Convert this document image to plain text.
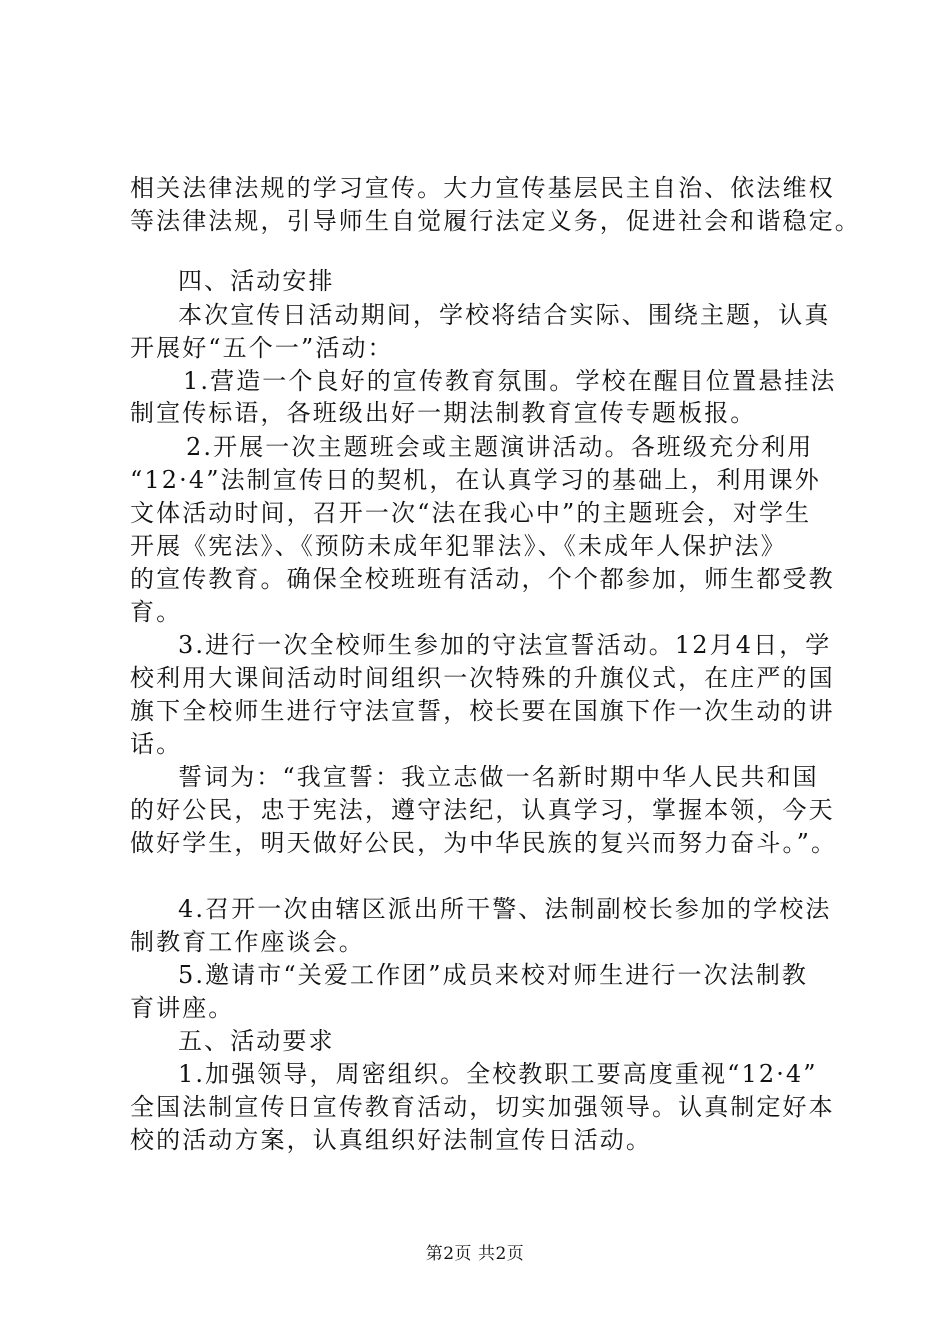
相关法律法规的学习宣传。大力宣传基层民主自治、依法维权
等法律法规，引导师生自觉履行法定义务，促进社会和谐稳定。
四、活动安排
本次宣传日活动期间，学校将结合实际、围绕主题，认真
开展好“五个一”活动：
1.营造一个良好的宣传教育氛围。学校在醒目位置悬挂法
制宣传标语，各班级出好一期法制教育宣传专题板报。
2.开展一次主题班会或主题演讲活动。各班级充分利用
“12·4”法制宣传日的契机，在认真学习的基础上，利用课外
文体活动时间，召开一次“法在我心中”的主题班会，对学生
开展《宪法》、《预防未成年犯罪法》、《未成年人保护法》
的宣传教育。确保全校班班有活动，个个都参加，师生都受教
育。
3.进行一次全校师生参加的守法宣誓活动。12月4日，学
校利用大课间活动时间组织一次特殊的升旗仪式，在庄严的国
旗下全校师生进行守法宣誓，校长要在国旗下作一次生动的讲
话。
誓词为：“我宣誓：我立志做一名新时期中华人民共和国
的好公民，忠于宪法，遵守法纪，认真学习，掌握本领，今天
做好学生，明天做好公民，为中华民族的复兴而努力奋斗。”。
4.召开一次由辖区派出所干警、法制副校长参加的学校法
制教育工作座谈会。
5.邀请市“关爱工作团”成员来校对师生进行一次法制教
育讲座。
五、活动要求
1.加强领导，周密组织。全校教职工要高度重视“12·4”
全国法制宣传日宣传教育活动，切实加强领导。认真制定好本
校的活动方案，认真组织好法制宣传日活动。
第2页 共2页
